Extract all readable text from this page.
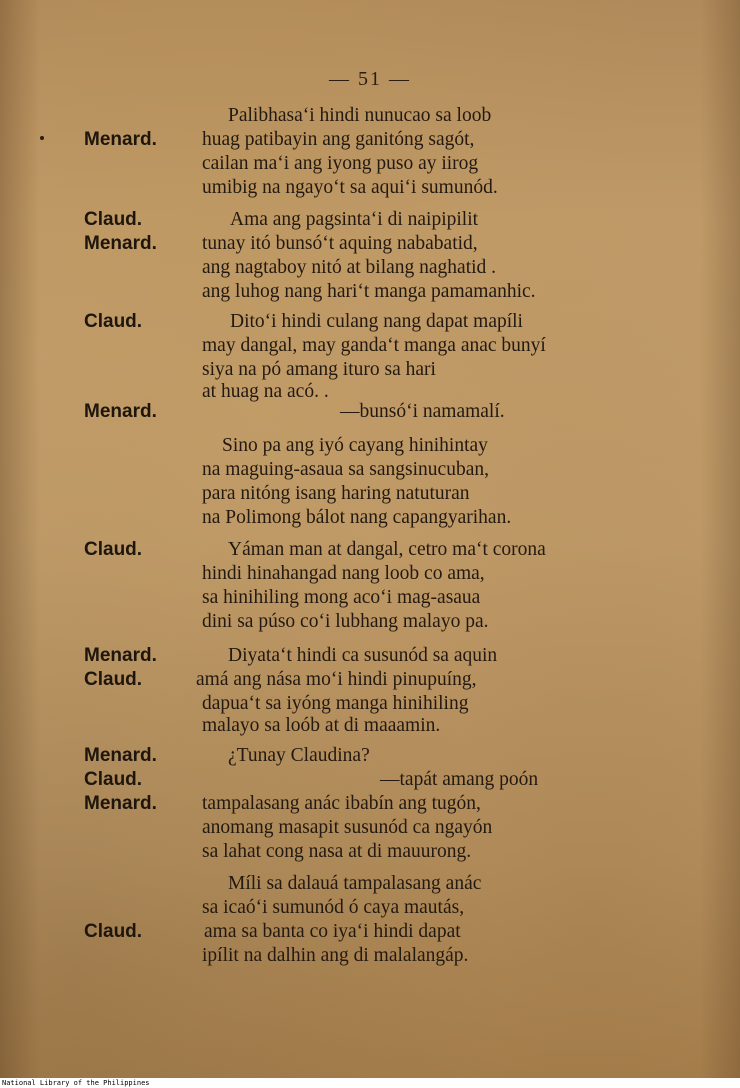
— 51 —
Palibhasa‘i hindi nunucao sa loob
Menard. huag patibayin ang ganitóng sagót,
cailan ma‘i ang iyong puso ay iirog
umibig na ngayo‘t sa aqui‘i sumunód.
Claud.	Ama ang pagsinta‘i di naipipilit
Menard. tunay itó bunsó‘t aquing nababatid,
ang nagtaboy nitó at bilang naghatid .
ang luhog nang hari‘t manga pamamanhic.
Claud.	Dito‘i hindi culang nang dapat mapíli
may dangal, may ganda‘t manga anac bunyí
siya na pó amang ituro sa hari
at huag na acó. .
Menard.	—bunsó‘i namamalí.
Sino pa ang iyó cayang hinihintay
na maguing-asaua sa sangsinucuban,
para nitóng isang haring natuturan
na Polimong bálot nang capangyarihan.
Claud.	Yáman man at dangal, cetro ma‘t corona
hindi hinahangad nang loob co ama,
sa hinihiling mong aco‘i mag-asaua
dini sa púso co‘i lubhang malayo pa.
Menard.	Diyata‘t hindi ca susunód sa aquin
Claud.	amá ang nása mo‘i hindi pinupuíng,
dapua‘t sa iyóng manga hinihiling
malayo sa loób at di maaamin.
Menard.	¿Tunay Claudina?
Claud.	—tapát amang poón
Menard. tampalasang anác ibabín ang tugón,
anomang masapit susunód ca ngayón
sa lahat cong nasa at di mauurong.
Míli sa dalauá tampalasang anác
sa icaó‘i sumunód ó caya mautás,
Claud.	ama sa banta co iya‘i hindi dapat
ipílit na dalhin ang di malalangáp.
National Library of the Philippines
